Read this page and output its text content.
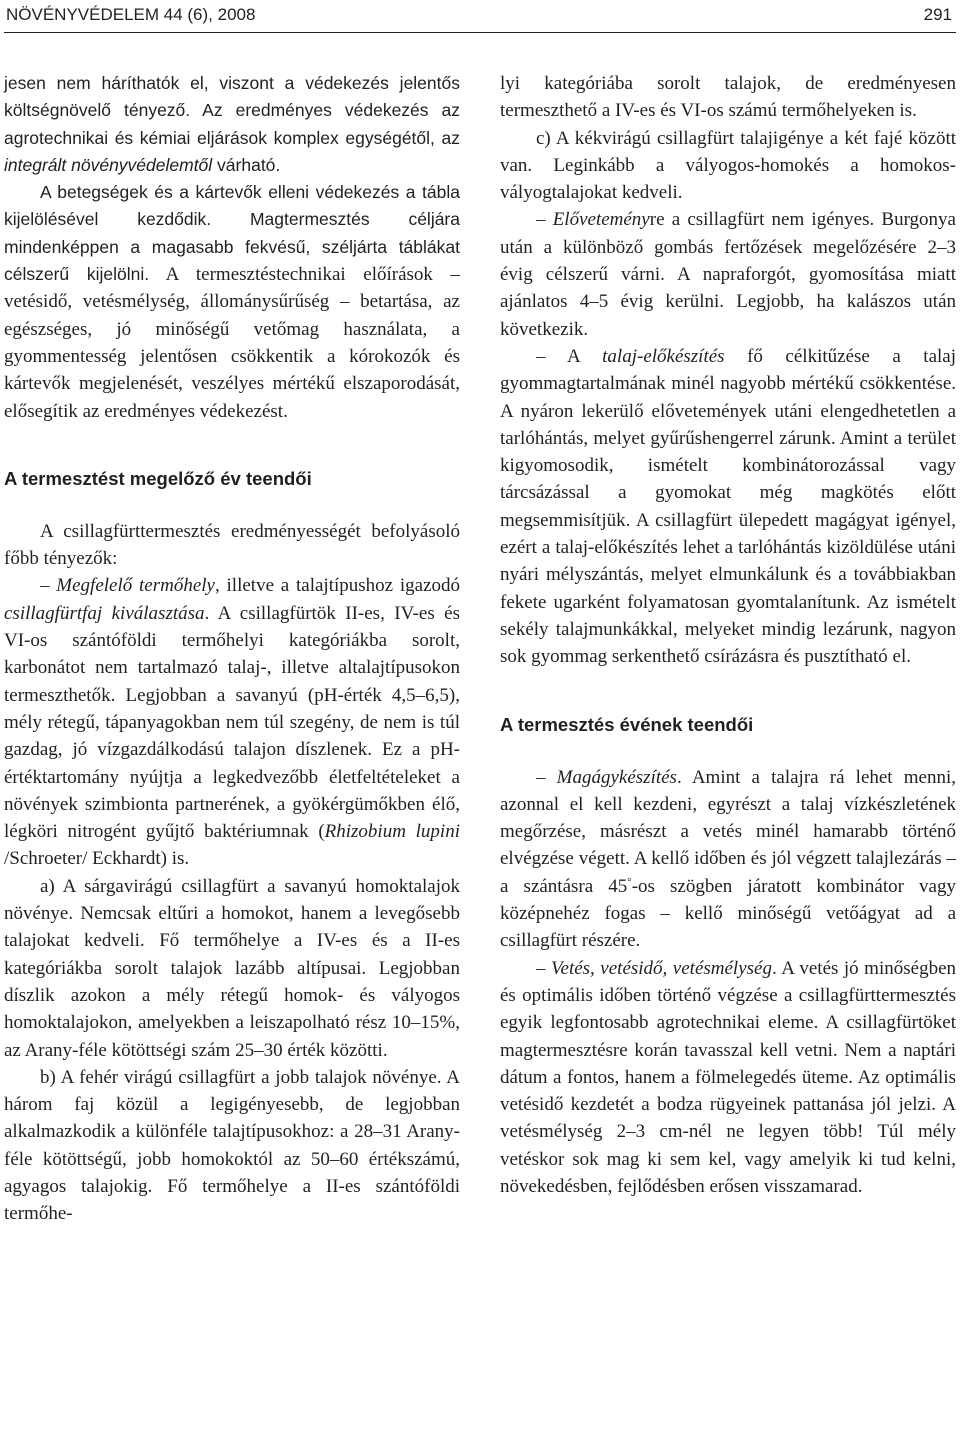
NÖVÉNYVÉDELEM 44 (6), 2008	291

jesen nem háríthatók el, viszont a védekezés jelentős költségnövelő tényező. Az eredményes védekezés az agrotechnikai és kémiai eljárások komplex egységétől, az integrált növényvédelemtől várható.

A betegségek és a kártevők elleni védekezés a tábla kijelölésével kezdődik. Magtermesztés céljára mindenképpen a magasabb fekvésű, széljárta táblákat célszerű kijelölni. A termesztéstechnikai előírások – vetésidő, vetésmélység, állománysűrűség – betartása, az egészséges, jó minőségű vetőmag használata, a gyommentesség jelentősen csökkentik a kórokozók és kártevők megjelenését, veszélyes mértékű elszaporodását, elősegítik az eredményes védekezést.

A termesztést megelőző év teendői

A csillagfürttermesztés eredményességét befolyásoló főbb tényezők:

– Megfelelő termőhely, illetve a talajtípushoz igazodó csillagfürtfaj kiválasztása. A csillagfürtök II-es, IV-es és VI-os szántóföldi termőhelyi kategóriákba sorolt, karbonátot nem tartalmazó talaj-, illetve altalajtípusokon termeszthetők. Legjobban a savanyú (pH-érték 4,5–6,5), mély rétegű, tápanyagokban nem túl szegény, de nem is túl gazdag, jó vízgazdálkodású talajon díszlenek. Ez a pH-értéktartomány nyújtja a legkedvezőbb életfeltételeket a növények szimbionta partnerének, a gyökérgümőkben élő, légköri nitrogént gyűjtő baktériumnak (Rhizobium lupini /Schroeter/ Eckhardt) is.

a) A sárgavirágú csillagfürt a savanyú homoktalajok növénye. Nemcsak eltűri a homokot, hanem a levegősebb talajokat kedveli. Fő termőhelye a IV-es és a II-es kategóriákba sorolt talajok lazább altípusai. Legjobban díszlik azokon a mély rétegű homok- és vályogos homoktalajokon, amelyekben a leiszapolható rész 10–15%, az Arany-féle kötöttségi szám 25–30 érték közötti.

b) A fehér virágú csillagfürt a jobb talajok növénye. A három faj közül a legigényesebb, de legjobban alkalmazkodik a különféle talajtípusokhoz: a 28–31 Arany-féle kötöttségű, jobb homokoktól az 50–60 értékszámú, agyagos talajokig. Fő termőhelye a II-es szántóföldi termőhe-

lyi kategóriába sorolt talajok, de eredményesen termeszthető a IV-es és VI-os számú termőhelyeken is.

c) A kékvirágú csillagfürt talajigénye a két fajé között van. Leginkább a vályogos-homokés a homokos-vályogtalajokat kedveli.

– Előveteményre a csillagfürt nem igényes. Burgonya után a különböző gombás fertőzések megelőzésére 2–3 évig célszerű várni. A napraforgót, gyomosítása miatt ajánlatos 4–5 évig kerülni. Legjobb, ha kalászos után következik.

– A talaj-előkészítés fő célkitűzése a talaj gyommagtartalmának minél nagyobb mértékű csökkentése. A nyáron lekerülő elővetemények utáni elengedhetetlen a tarlóhántás, melyet gyűrűshengerrel zárunk. Amint a terület kigyomosodik, ismételt kombinátorozással vagy tárcsázással a gyomokat még magkötés előtt megsemmisítjük. A csillagfürt ülepedett magágyat igényel, ezért a talaj-előkészítés lehet a tarlóhántás kizöldülése utáni nyári mélyszántás, melyet elmunkálunk és a továbbiakban fekete ugarként folyamatosan gyomtalanítunk. Az ismételt sekély talajmunkákkal, melyeket mindig lezárunk, nagyon sok gyommag serkenthető csírázásra és pusztítható el.

A termesztés évének teendői

– Magágykészítés. Amint a talajra rá lehet menni, azonnal el kell kezdeni, egyrészt a talaj vízkészletének megőrzése, másrészt a vetés minél hamarabb történő elvégzése végett. A kellő időben és jól végzett talajlezárás – a szántásra 45°-os szögben járatott kombinátor vagy középnehéz fogas – kellő minőségű vetőágyat ad a csillagfürt részére.

– Vetés, vetésidő, vetésmélység. A vetés jó minőségben és optimális időben történő végzése a csillagfürttermesztés egyik legfontosabb agrotechnikai eleme. A csillagfürtöket magtermesztésre korán tavasszal kell vetni. Nem a naptári dátum a fontos, hanem a fölmelegedés üteme. Az optimális vetésidő kezdetét a bodza rügyeinek pattanása jól jelzi. A vetésmélység 2–3 cm-nél ne legyen több! Túl mély vetéskor sok mag ki sem kel, vagy amelyik ki tud kelni, növekedésben, fejlődésben erősen visszamarad.
